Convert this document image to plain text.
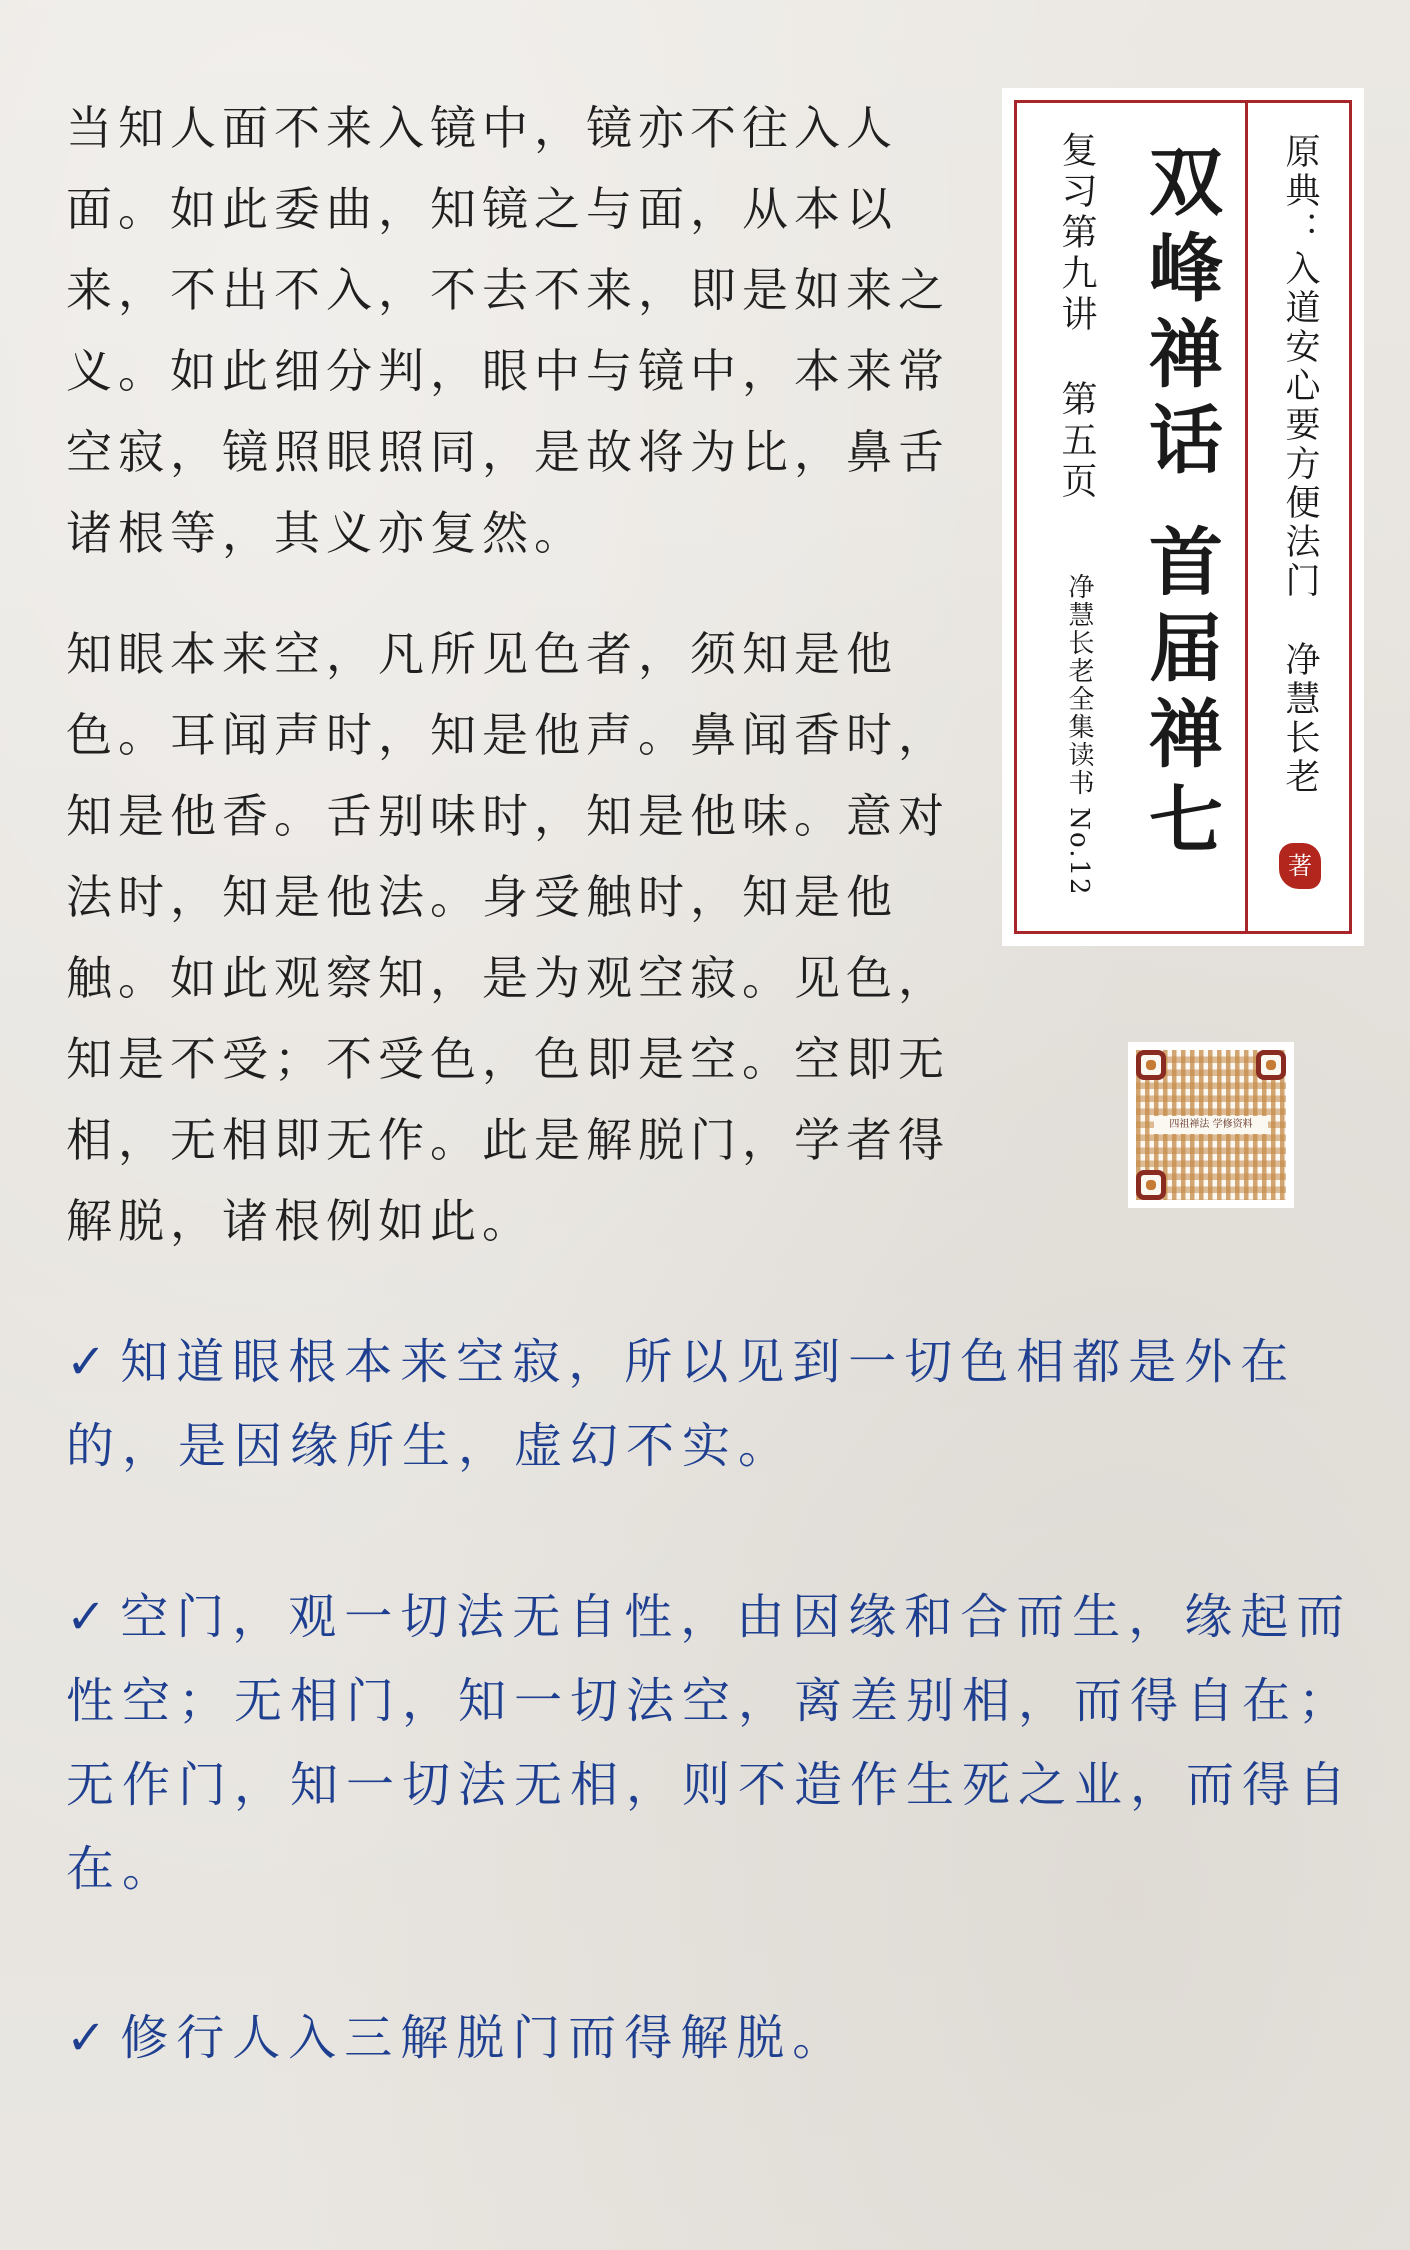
当知人面不来入镜中，镜亦不往入人面。如此委曲，知镜之与面，从本以来，不出不入，不去不来，即是如来之义。如此细分判，眼中与镜中，本来常空寂，镜照眼照同，是故将为比，鼻舌诸根等，其义亦复然。

知眼本来空，凡所见色者，须知是他色。耳闻声时，知是他声。鼻闻香时，知是他香。舌别味时，知是他味。意对法时，知是他法。身受触时，知是他触。如此观察知，是为观空寂。见色，知是不受；不受色，色即是空。空即无相，无相即无作。此是解脱门，学者得解脱，诸根例如此。

复习第九讲第五页
净慧长老全集读书 No.12
双峰禅话首届禅七
原典：入道安心要方便法门净慧长老
著
四祖禅法 学修资料

✓ 知道眼根本来空寂，所以见到一切色相都是外在的，是因缘所生，虚幻不实。

✓ 空门，观一切法无自性，由因缘和合而生，缘起而性空；无相门，知一切法空，离差别相，而得自在；无作门，知一切法无相，则不造作生死之业，而得自在。

✓ 修行人入三解脱门而得解脱。
